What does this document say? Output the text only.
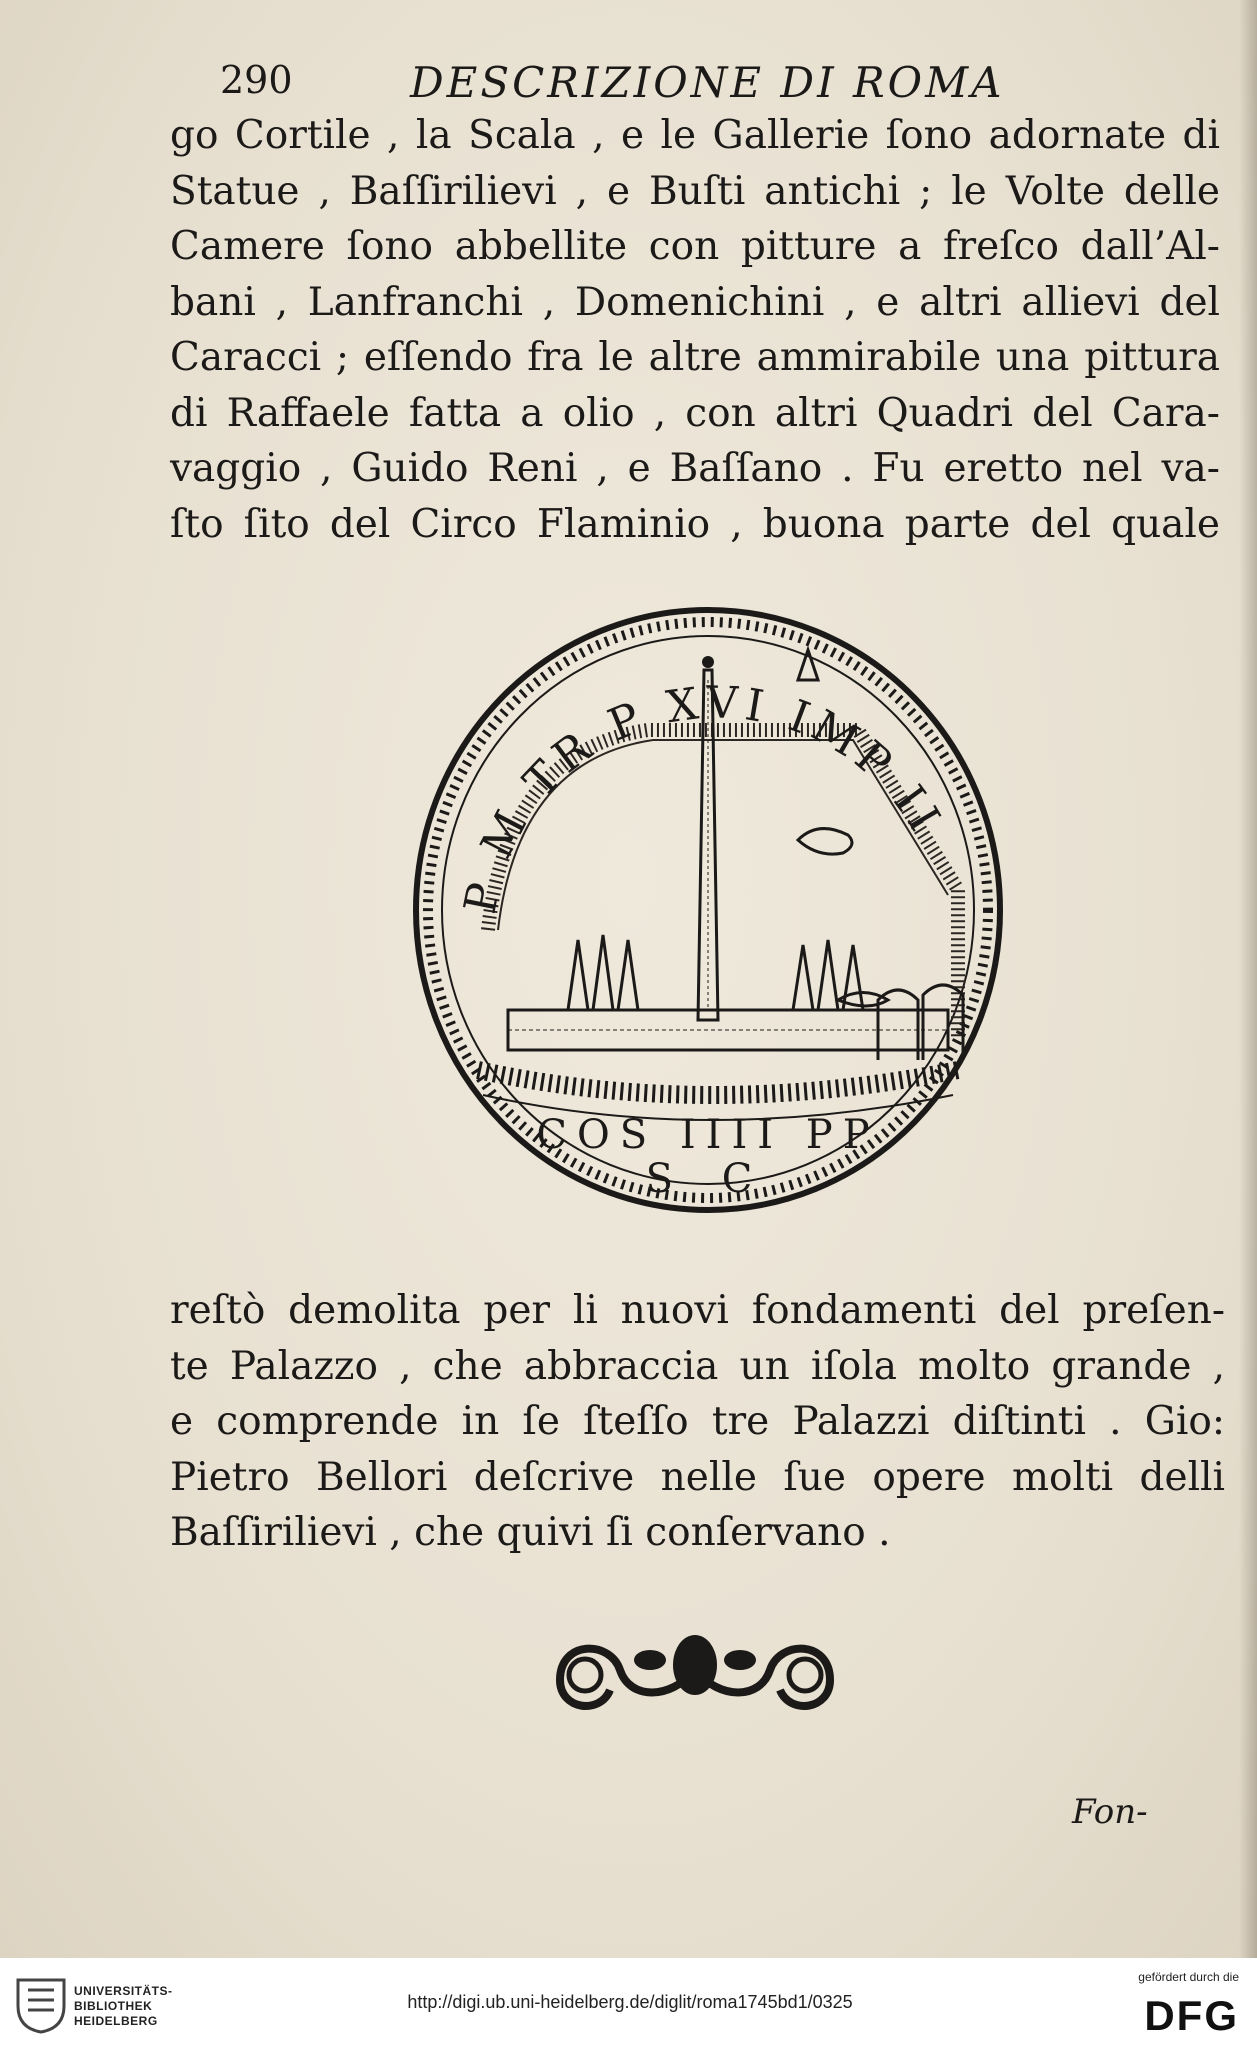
290	DESCRIZIONE DI ROMA
go Cortile , la Scala , e le Gallerie ſono adornate di
Statue , Baſſirilievi , e Buſti antichi ; le Volte delle
Camere ſono abbellite con pitture a freſco dall’Al-
bani , Lanfranchi , Domenichini , e altri allievi del
Caracci ; eſſendo fra le altre ammirabile una pittura
di Raffaele fatta a olio , con altri Quadri del Cara-
vaggio , Guido Reni , e Baſſano . Fu eretto nel va-
ſto ſito del Circo Flaminio , buona parte del quale
P M TR P XVI IMP II
COS IIII PP
S C
reſtò demolita per li nuovi fondamenti del preſen-
te Palazzo , che abbraccia un iſola molto grande ,
e comprende in ſe ſteſſo tre Palazzi diſtinti . Gio:
Pietro Bellori deſcrive nelle ſue opere molti delli
Baſſirilievi , che quivi ſi conſervano .
Fon-
UNIVERSITÄTS-
BIBLIOTHEK
HEIDELBERG
http://digi.ub.uni-heidelberg.de/diglit/roma1745bd1/0325
gefördert durch die
DFG
